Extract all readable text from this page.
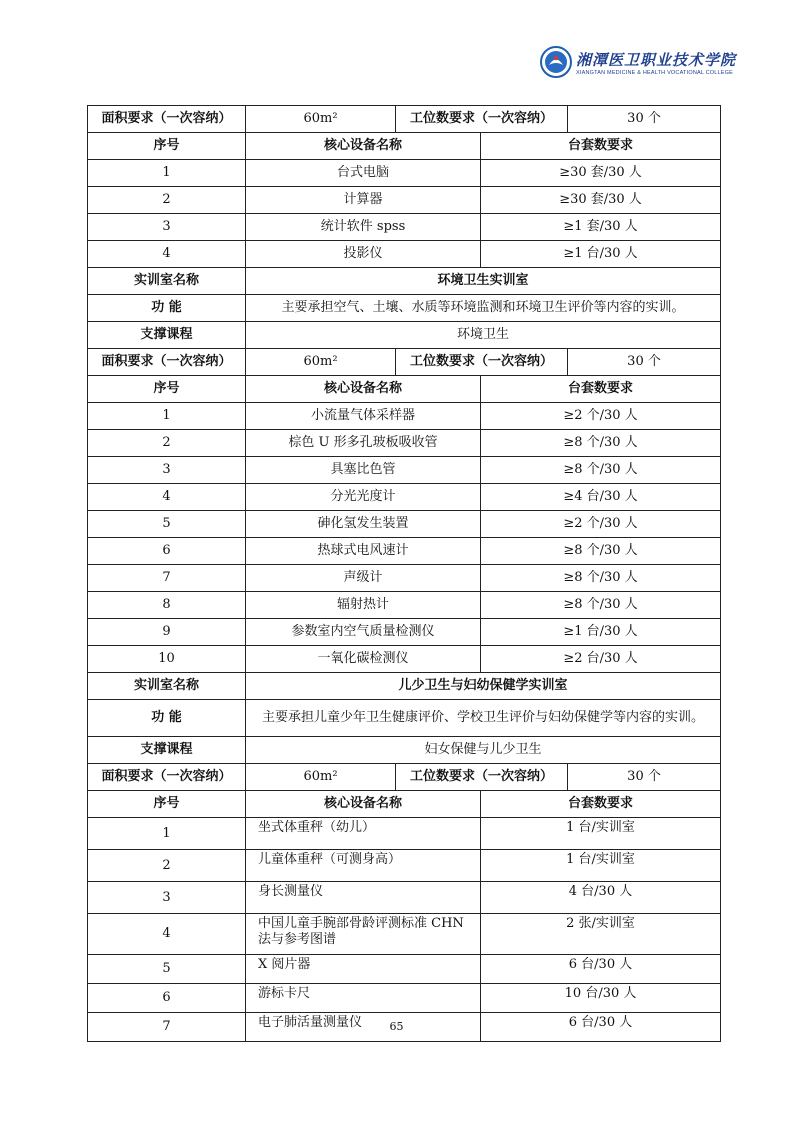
湘潭医卫职业技术学院
XIANGTAN MEDICINE & HEALTH VOCATIONAL COLLEGE
面积要求（一次容纳）	60m²	工位数要求（一次容纳）		30 个
序号	核心设备名称		台套数要求	
1	台式电脑		≥30 套/30 人	
2	计算器		≥30 套/30 人	
3	统计软件 spss		≥1 套/30 人	
4	投影仪		≥1 台/30 人	
实训室名称	环境卫生实训室			
功 能	主要承担空气、土壤、水质等环境监测和环境卫生评价等内容的实训。			
支撑课程	环境卫生			
面积要求（一次容纳）	60m²	工位数要求（一次容纳）		30 个
序号	核心设备名称		台套数要求	
1	小流量气体采样器		≥2 个/30 人	
2	棕色 U 形多孔玻板吸收管		≥8 个/30 人	
3	具塞比色管		≥8 个/30 人	
4	分光光度计		≥4 台/30 人	
5	砷化氢发生装置		≥2 个/30 人	
6	热球式电风速计		≥8 个/30 人	
7	声级计		≥8 个/30 人	
8	辐射热计		≥8 个/30 人	
9	参数室内空气质量检测仪		≥1 台/30 人	
10	一氧化碳检测仪		≥2 台/30 人	
实训室名称	儿少卫生与妇幼保健学实训室			
功 能	主要承担儿童少年卫生健康评价、学校卫生评价与妇幼保健学等内容的实训。			
支撑课程	妇女保健与儿少卫生			
面积要求（一次容纳）	60m²	工位数要求（一次容纳）		30 个
序号	核心设备名称		台套数要求	
1	坐式体重秤（幼儿）		1 台/实训室	
2	儿童体重秤（可测身高）		1 台/实训室	
3	身长测量仪		4 台/30 人	
4	中国儿童手腕部骨龄评测标准 CHN 法与参考图谱		2 张/实训室	
5	X 阅片器		6 台/30 人	
6	游标卡尺		10 台/30 人	
7	电子肺活量测量仪		6 台/30 人	
65
